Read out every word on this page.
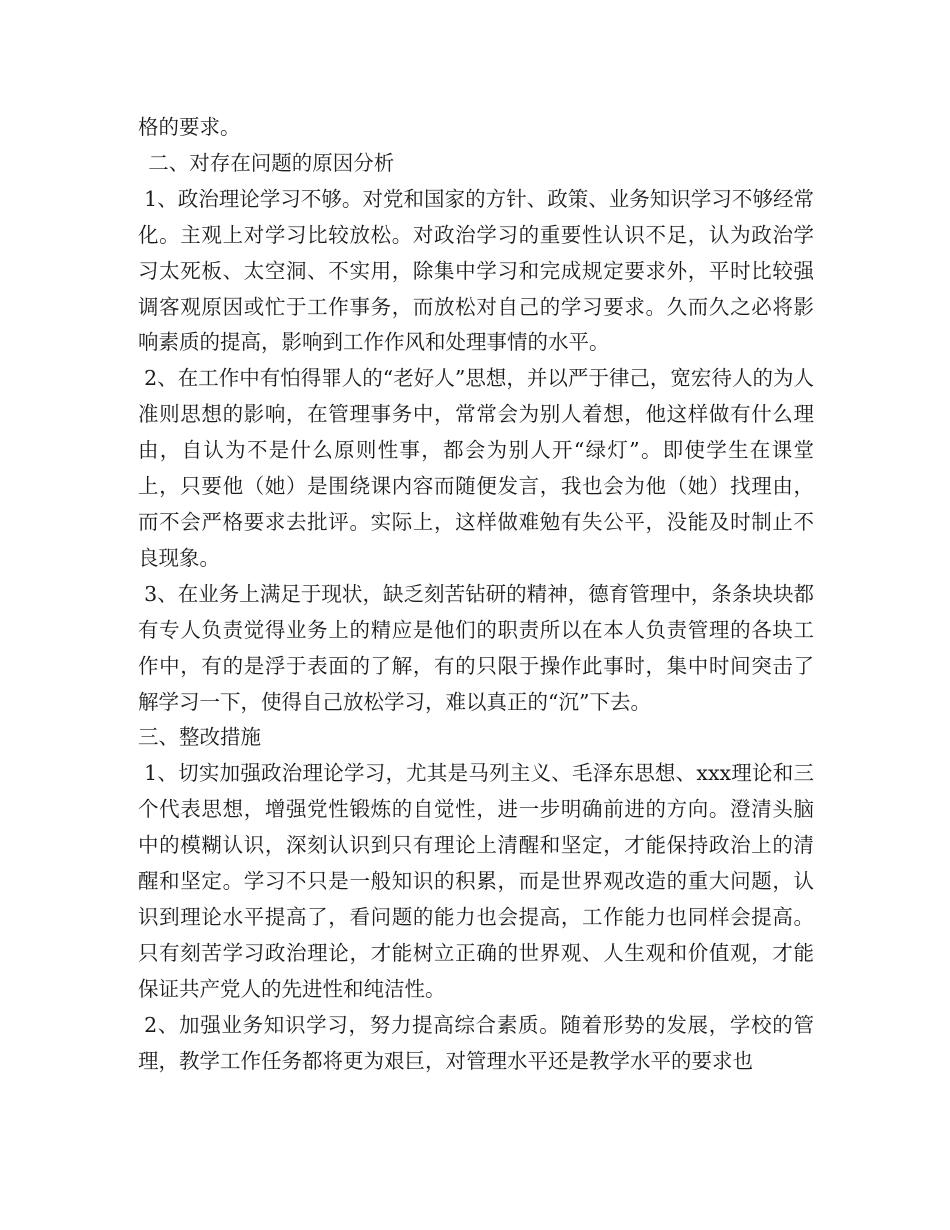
格的要求。

二、对存在问题的原因分析

1、政治理论学习不够。对党和国家的方针、政策、业务知识学习不够经常化。主观上对学习比较放松。对政治学习的重要性认识不足，认为政治学习太死板、太空洞、不实用，除集中学习和完成规定要求外，平时比较强调客观原因或忙于工作事务，而放松对自己的学习要求。久而久之必将影响素质的提高，影响到工作作风和处理事情的水平。

2、在工作中有怕得罪人的“老好人”思想，并以严于律己，宽宏待人的为人准则思想的影响，在管理事务中，常常会为别人着想，他这样做有什么理由，自认为不是什么原则性事，都会为别人开“绿灯”。即使学生在课堂上，只要他（她）是围绕课内容而随便发言，我也会为他（她）找理由，而不会严格要求去批评。实际上，这样做难勉有失公平，没能及时制止不良现象。

3、在业务上满足于现状，缺乏刻苦钻研的精神，德育管理中，条条块块都有专人负责觉得业务上的精应是他们的职责所以在本人负责管理的各块工作中，有的是浮于表面的了解，有的只限于操作此事时，集中时间突击了解学习一下，使得自己放松学习，难以真正的“沉”下去。

三、整改措施

1、切实加强政治理论学习，尤其是马列主义、毛泽东思想、xxx理论和三个代表思想，增强党性锻炼的自觉性，进一步明确前进的方向。澄清头脑中的模糊认识，深刻认识到只有理论上清醒和坚定，才能保持政治上的清醒和坚定。学习不只是一般知识的积累，而是世界观改造的重大问题，认识到理论水平提高了，看问题的能力也会提高，工作能力也同样会提高。只有刻苦学习政治理论，才能树立正确的世界观、人生观和价值观，才能保证共产党人的先进性和纯洁性。

2、加强业务知识学习，努力提高综合素质。随着形势的发展，学校的管理，教学工作任务都将更为艰巨，对管理水平还是教学水平的要求也
